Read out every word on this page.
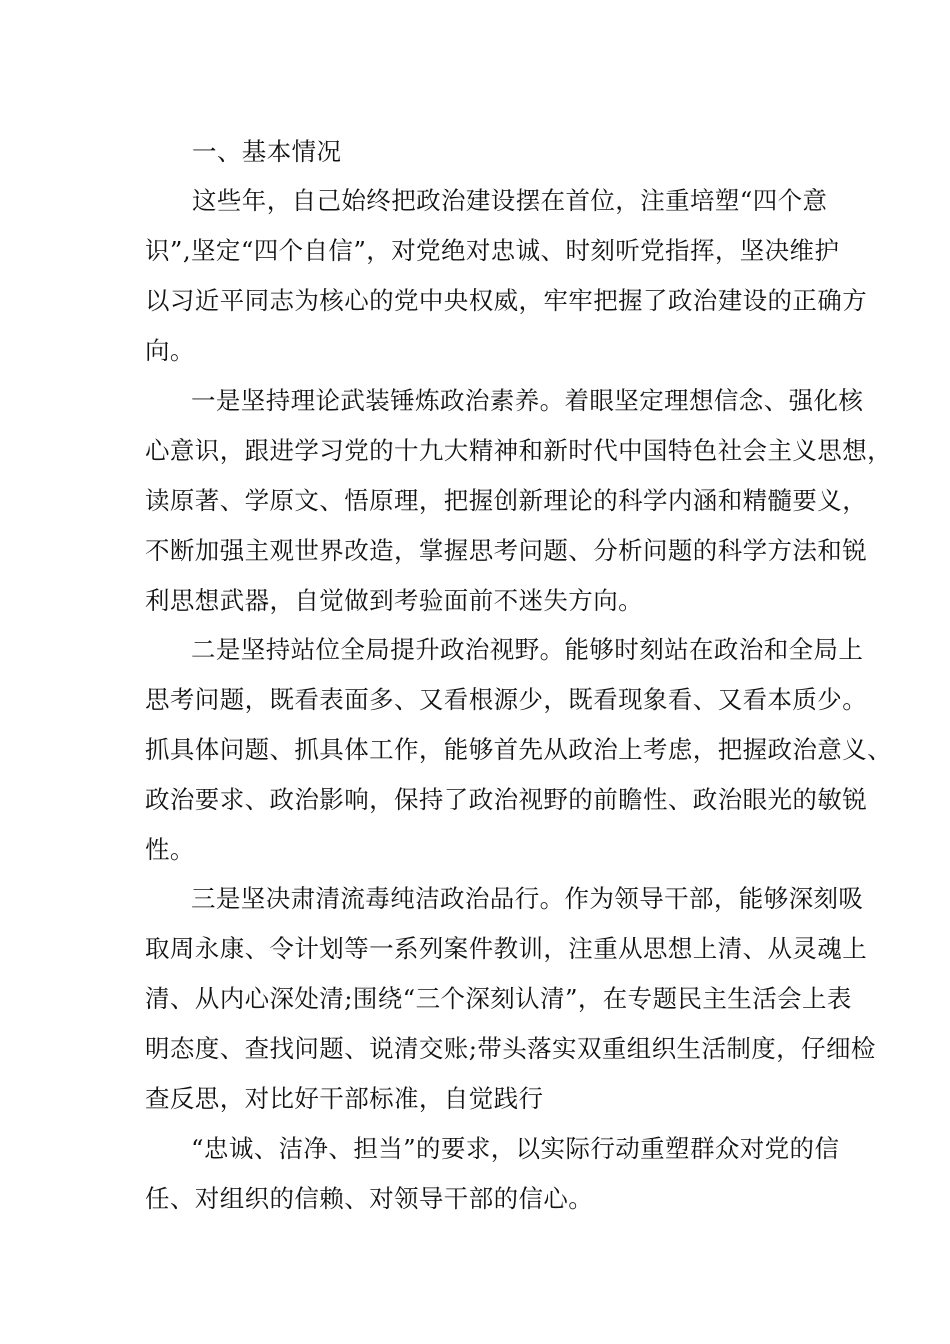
一、基本情况
这些年，自己始终把政治建设摆在首位，注重培塑“四个意
识”,坚定“四个自信”，对党绝对忠诚、时刻听党指挥，坚决维护
以习近平同志为核心的党中央权威，牢牢把握了政治建设的正确方
向。
一是坚持理论武装锤炼政治素养。着眼坚定理想信念、强化核
心意识，跟进学习党的十九大精神和新时代中国特色社会主义思想，
读原著、学原文、悟原理，把握创新理论的科学内涵和精髓要义，
不断加强主观世界改造，掌握思考问题、分析问题的科学方法和锐
利思想武器，自觉做到考验面前不迷失方向。
二是坚持站位全局提升政治视野。能够时刻站在政治和全局上
思考问题，既看表面多、又看根源少，既看现象看、又看本质少。
抓具体问题、抓具体工作，能够首先从政治上考虑，把握政治意义、
政治要求、政治影响，保持了政治视野的前瞻性、政治眼光的敏锐
性。
三是坚决肃清流毒纯洁政治品行。作为领导干部，能够深刻吸
取周永康、令计划等一系列案件教训，注重从思想上清、从灵魂上
清、从内心深处清;围绕“三个深刻认清”，在专题民主生活会上表
明态度、查找问题、说清交账;带头落实双重组织生活制度，仔细检
查反思，对比好干部标准，自觉践行
“忠诚、洁净、担当”的要求，以实际行动重塑群众对党的信
任、对组织的信赖、对领导干部的信心。
